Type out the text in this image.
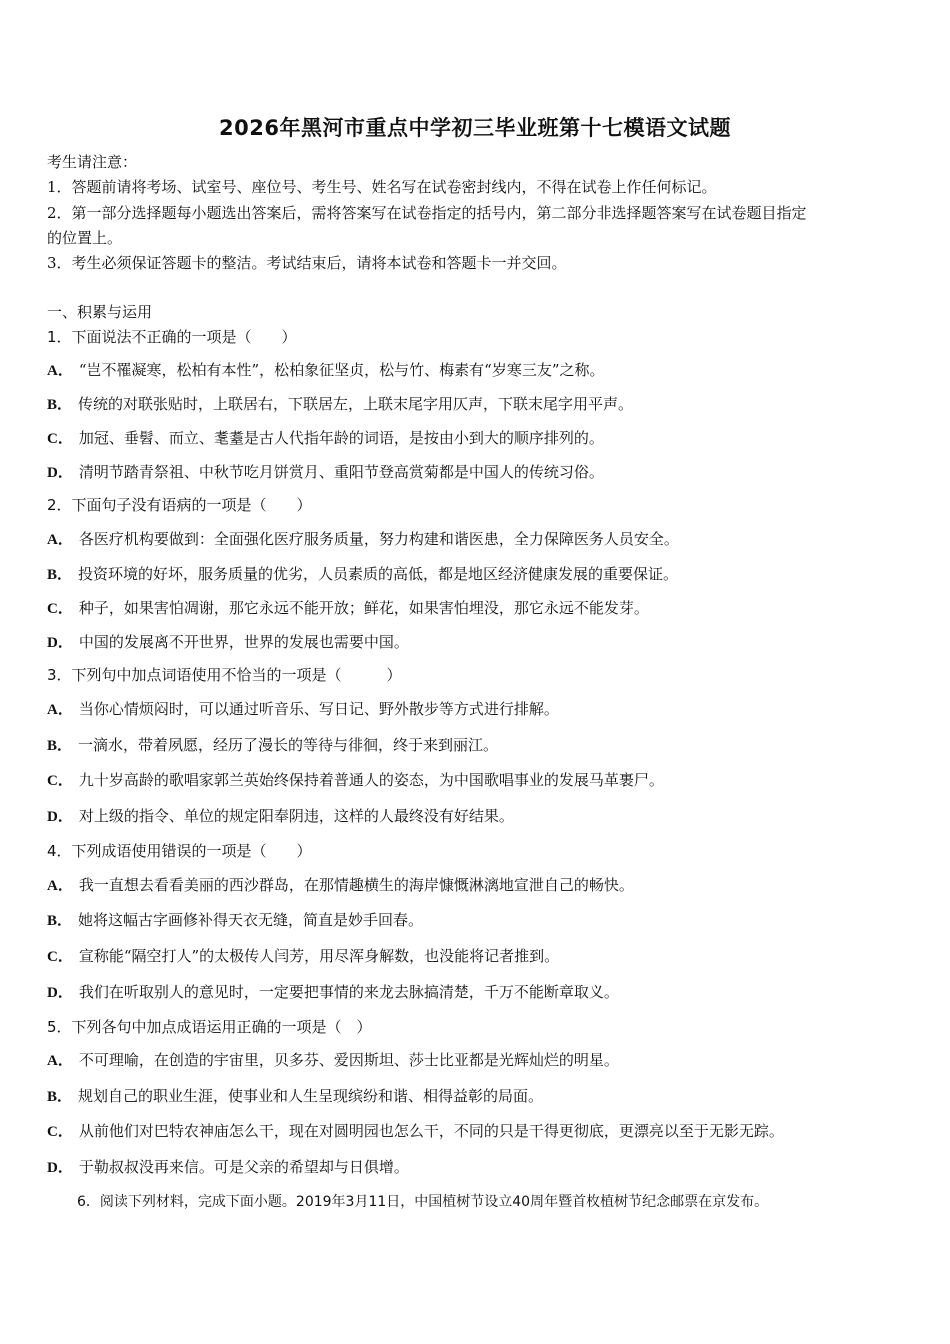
2026年黑河市重点中学初三毕业班第十七模语文试题
考生请注意：
1．答题前请将考场、试室号、座位号、考生号、姓名写在试卷密封线内，不得在试卷上作任何标记。
2．第一部分选择题每小题选出答案后，需将答案写在试卷指定的括号内，第二部分非选择题答案写在试卷题目指定
的位置上。
3．考生必须保证答题卡的整洁。考试结束后，请将本试卷和答题卡一并交回。
一、积累与运用
1．下面说法不正确的一项是（　　）
A． “岂不罹凝寒，松柏有本性”，松柏象征坚贞，松与竹、梅素有“岁寒三友”之称。
B． 传统的对联张贴时，上联居右，下联居左，上联末尾字用仄声，下联末尾字用平声。
C． 加冠、垂髫、而立、耄耋是古人代指年龄的词语，是按由小到大的顺序排列的。
D． 清明节踏青祭祖、中秋节吃月饼赏月、重阳节登高赏菊都是中国人的传统习俗。
2．下面句子没有语病的一项是（　　）
A． 各医疗机构要做到：全面强化医疗服务质量，努力构建和谐医患，全力保障医务人员安全。
B． 投资环境的好坏，服务质量的优劣，人员素质的高低，都是地区经济健康发展的重要保证。
C． 种子，如果害怕凋谢，那它永远不能开放；鲜花，如果害怕埋没，那它永远不能发芽。
D． 中国的发展离不开世界，世界的发展也需要中国。
3．下列句中加点词语使用不恰当的一项是（　　　）
A． 当你心情烦闷时，可以通过听音乐、写日记、野外散步等方式进行排解。
B． 一滴水，带着夙愿，经历了漫长的等待与徘徊，终于来到丽江。
C． 九十岁高龄的歌唱家郭兰英始终保持着普通人的姿态，为中国歌唱事业的发展马革裹尸。
D． 对上级的指令、单位的规定阳奉阴违，这样的人最终没有好结果。
4．下列成语使用错误的一项是（　　）
A． 我一直想去看看美丽的西沙群岛，在那情趣横生的海岸慷慨淋漓地宣泄自己的畅快。
B． 她将这幅古字画修补得天衣无缝，简直是妙手回春。
C． 宣称能“隔空打人”的太极传人闫芳，用尽浑身解数，也没能将记者推到。
D． 我们在听取别人的意见时，一定要把事情的来龙去脉搞清楚，千万不能断章取义。
5．下列各句中加点成语运用正确的一项是（　）
A． 不可理喻，在创造的宇宙里，贝多芬、爱因斯坦、莎士比亚都是光辉灿烂的明星。
B． 规划自己的职业生涯，使事业和人生呈现缤纷和谐、相得益彰的局面。
C． 从前他们对巴特农神庙怎么干，现在对圆明园也怎么干，不同的只是干得更彻底，更漂亮以至于无影无踪。
D． 于勒叔叔没再来信。可是父亲的希望却与日俱增。
6．阅读下列材料，完成下面小题。2019年3月11日，中国植树节设立40周年暨首枚植树节纪念邮票在京发布。
